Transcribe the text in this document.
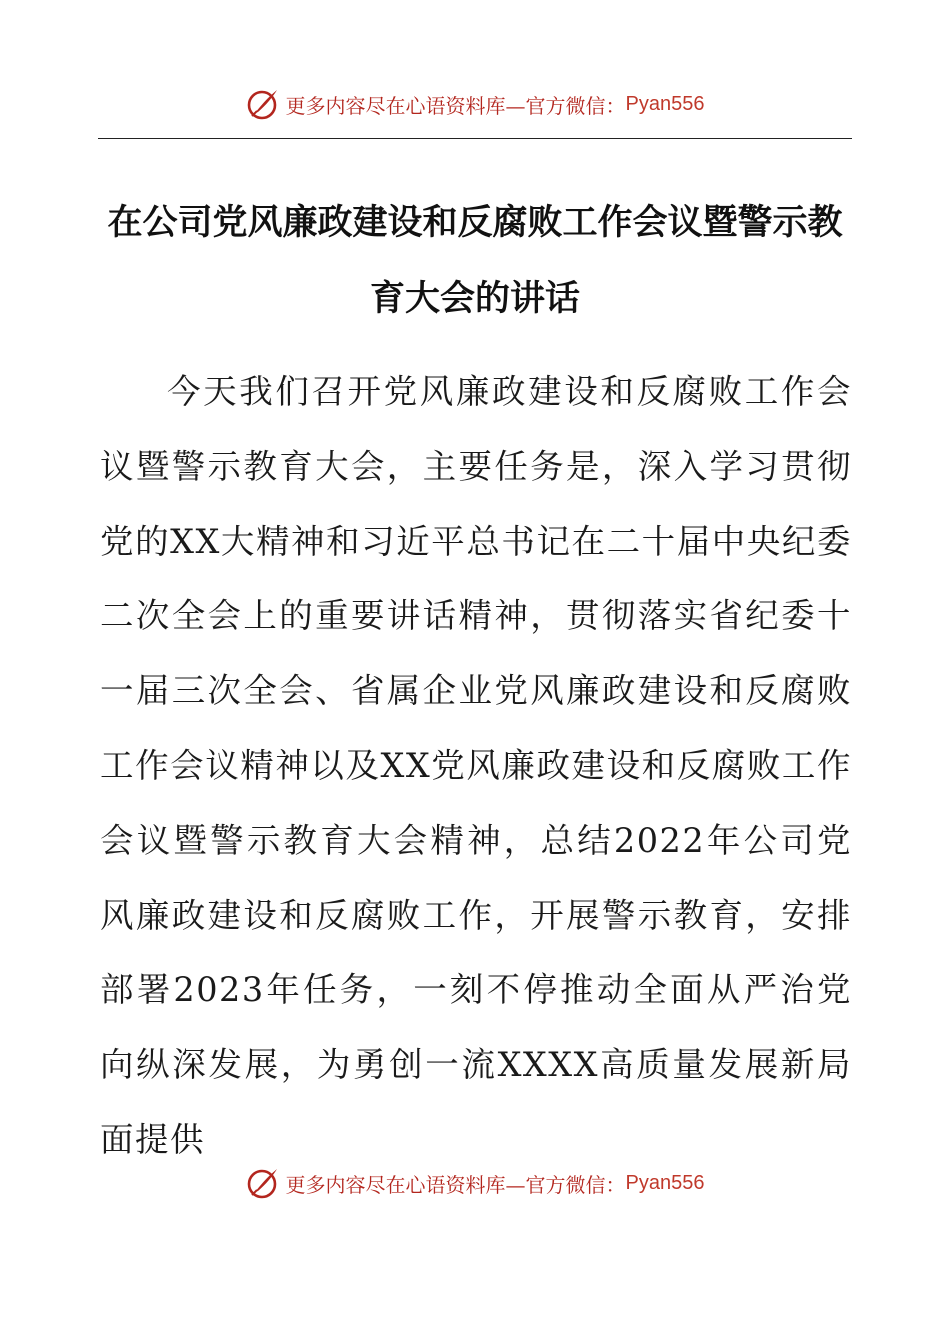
更多内容尽在心语资料库—官方微信： Pyan556
在公司党风廉政建设和反腐败工作会议暨警示教育大会的讲话

今天我们召开党风廉政建设和反腐败工作会议暨警示教育大会，主要任务是，深入学习贯彻党的XX大精神和习近平总书记在二十届中央纪委二次全会上的重要讲话精神，贯彻落实省纪委十一届三次全会、省属企业党风廉政建设和反腐败工作会议精神以及XX党风廉政建设和反腐败工作会议暨警示教育大会精神，总结2022年公司党风廉政建设和反腐败工作，开展警示教育，安排部署2023年任务，一刻不停推动全面从严治党向纵深发展，为勇创一流XXXX高质量发展新局面提供

更多内容尽在心语资料库—官方微信： Pyan556
